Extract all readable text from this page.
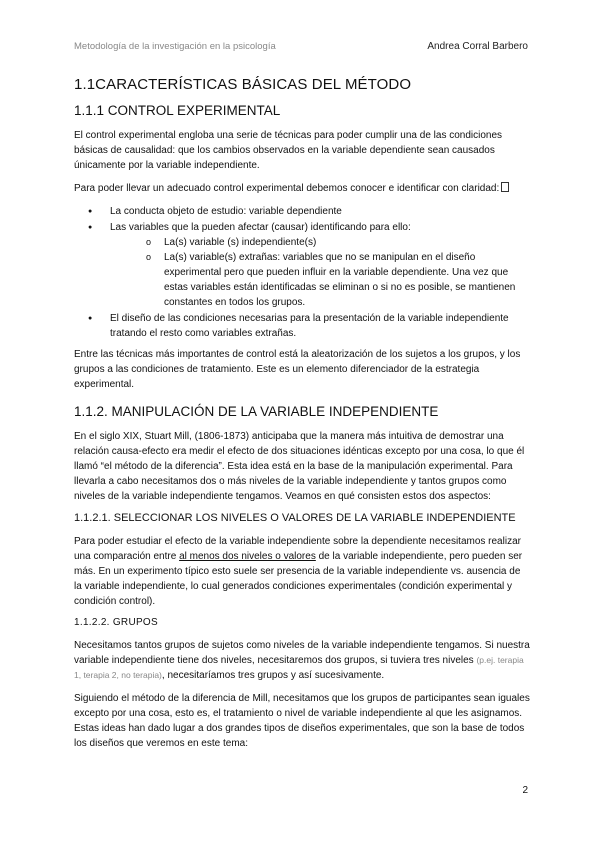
Metodología de la investigación en la psicología	Andrea Corral Barbero
1.1CARACTERÍSTICAS BÁSICAS DEL MÉTODO
1.1.1 CONTROL EXPERIMENTAL

El control experimental engloba una serie de técnicas para poder cumplir una de las condiciones básicas de causalidad: que los cambios observados en la variable dependiente sean causados únicamente por la variable independiente.

Para poder llevar un adecuado control experimental debemos conocer e identificar con claridad:

● La conducta objeto de estudio: variable dependiente
● Las variables que la pueden afectar (causar) identificando para ello:
o La(s) variable (s) independiente(s)
o La(s) variable(s) extrañas: variables que no se manipulan en el diseño experimental pero que pueden influir en la variable dependiente. Una vez que estas variables están identificadas se eliminan o si no es posible, se mantienen constantes en todos los grupos.
● El diseño de las condiciones necesarias para la presentación de la variable independiente tratando el resto como variables extrañas.

Entre las técnicas más importantes de control está la aleatorización de los sujetos a los grupos, y los grupos a las condiciones de tratamiento. Este es un elemento diferenciador de la estrategia experimental.

1.1.2. MANIPULACIÓN DE LA VARIABLE INDEPENDIENTE

En el siglo XIX, Stuart Mill, (1806-1873) anticipaba que la manera más intuitiva de demostrar una relación causa-efecto era medir el efecto de dos situaciones idénticas excepto por una cosa, lo que él llamó “el método de la diferencia”. Esta idea está en la base de la manipulación experimental. Para llevarla a cabo necesitamos dos o más niveles de la variable independiente y tantos grupos como niveles de la variable independiente tengamos. Veamos en qué consisten estos dos aspectos:

1.1.2.1. SELECCIONAR LOS NIVELES O VALORES DE LA VARIABLE INDEPENDIENTE

Para poder estudiar el efecto de la variable independiente sobre la dependiente necesitamos realizar una comparación entre al menos dos niveles o valores de la variable independiente, pero pueden ser más. En un experimento típico esto suele ser presencia de la variable independiente vs. ausencia de la variable independiente, lo cual generados condiciones experimentales (condición experimental y condición control).

1.1.2.2. GRUPOS

Necesitamos tantos grupos de sujetos como niveles de la variable independiente tengamos. Si nuestra variable independiente tiene dos niveles, necesitaremos dos grupos, si tuviera tres niveles (p.ej. terapia 1, terapia 2, no terapia), necesitaríamos tres grupos y así sucesivamente.

Siguiendo el método de la diferencia de Mill, necesitamos que los grupos de participantes sean iguales excepto por una cosa, esto es, el tratamiento o nivel de variable independiente al que les asignamos. Estas ideas han dado lugar a dos grandes tipos de diseños experimentales, que son la base de todos los diseños que veremos en este tema:

2
